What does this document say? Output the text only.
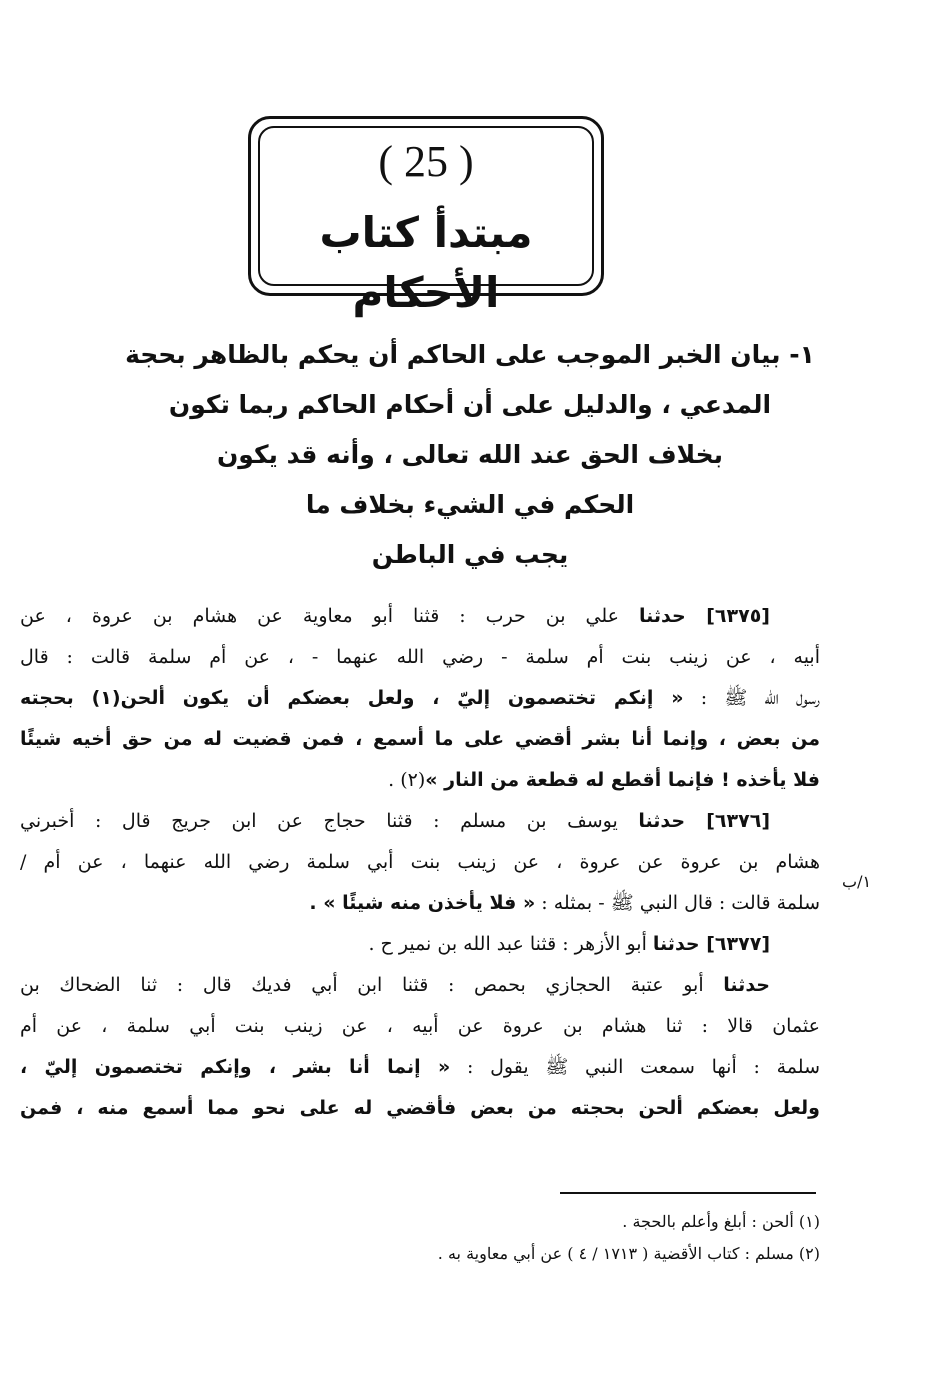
( 25 )
مبتدأ كتاب الأحكام
١- بيان الخبر الموجب على الحاكم أن يحكم بالظاهر بحجة
المدعي ، والدليل على أن أحكام الحاكم ربما تكون
بخلاف الحق عند الله تعالى ، وأنه قد يكون
الحكم في الشيء بخلاف ما
يجب في الباطن
[٦٣٧٥] حدثنا علي بن حرب : قثنا أبو معاوية عن هشام بن عروة ، عن
أبيه ، عن زينب بنت أم سلمة - رضي الله عنهما - ، عن أم سلمة قالت : قال
رسول الله ﷺ : « إنكم تختصمون إليّ ، ولعل بعضكم أن يكون ألحن(١) بحجته
من بعض ، وإنما أنا بشر أقضي على ما أسمع ، فمن قضيت له من حق أخيه شيئًا
فلا يأخذه ! فإنما أقطع له قطعة من النار »(٢) .
[٦٣٧٦] حدثنا يوسف بن مسلم : قثنا حجاج عن ابن جريج قال : أخبرني
هشام بن عروة عن عروة ، عن زينب بنت أبي سلمة رضي الله عنهما ، عن أم /
سلمة قالت : قال النبي ﷺ - بمثله : « فلا يأخذن منه شيئًا » .
[٦٣٧٧] حدثنا أبو الأزهر : قثنا عبد الله بن نمير ح .
حدثنا أبو عتبة الحجازي بحمص : قثنا ابن أبي فديك قال : ثنا الضحاك بن
عثمان قالا : ثنا هشام بن عروة عن أبيه ، عن زينب بنت أبي سلمة ، عن أم
سلمة : أنها سمعت النبي ﷺ يقول : « إنما أنا بشر ، وإنكم تختصمون إليّ ،
ولعل بعضكم ألحن بحجته من بعض فأقضي له على نحو مما أسمع منه ، فمن
١/ب
(١) ألحن : أبلغ وأعلم بالحجة .
(٢) مسلم : كتاب الأقضية ( ١٧١٣ / ٤ ) عن أبي معاوية به .
